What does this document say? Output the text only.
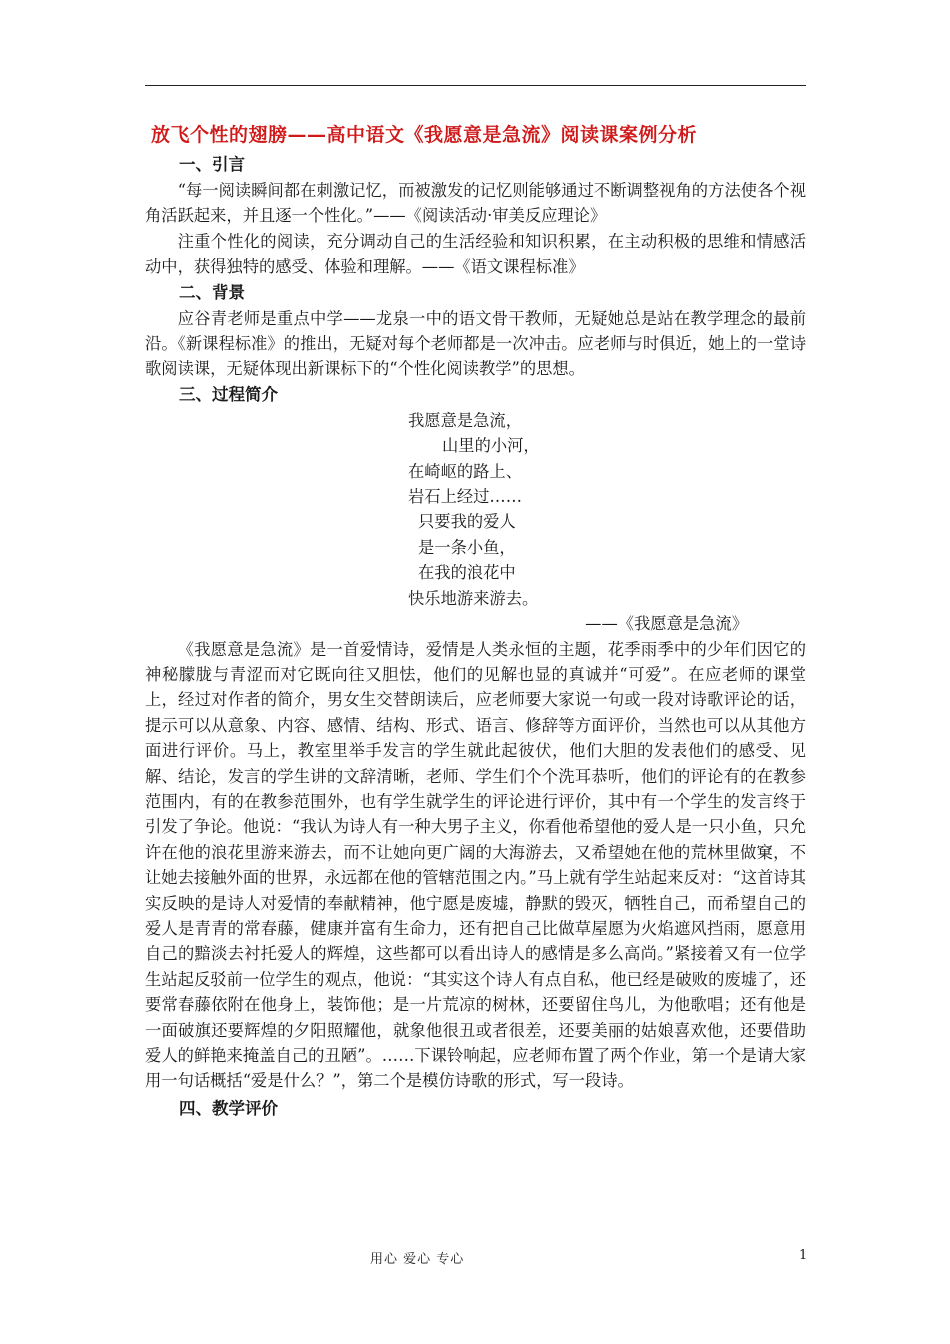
放飞个性的翅膀——高中语文《我愿意是急流》阅读课案例分析
一、引言

“每一阅读瞬间都在刺激记忆，而被激发的记忆则能够通过不断调整视角的方法使各个视角活跃起来，并且逐一个性化。”——《阅读活动·审美反应理论》

注重个性化的阅读，充分调动自己的生活经验和知识积累，在主动积极的思维和情感活动中，获得独特的感受、体验和理解。——《语文课程标准》

二、背景

应谷青老师是重点中学——龙泉一中的语文骨干教师，无疑她总是站在教学理念的最前沿。《新课程标准》的推出，无疑对每个老师都是一次冲击。应老师与时俱近，她上的一堂诗歌阅读课，无疑体现出新课标下的“个性化阅读教学”的思想。

三、过程简介
我愿意是急流，
山里的小河，
在崎岖的路上、
岩石上经过……
只要我的爱人
是一条小鱼，
在我的浪花中
快乐地游来游去。
——《我愿意是急流》

《我愿意是急流》是一首爱情诗，爱情是人类永恒的主题，花季雨季中的少年们因它的神秘朦胧与青涩而对它既向往又胆怯，他们的见解也显的真诚并“可爱”。在应老师的课堂上，经过对作者的简介，男女生交替朗读后，应老师要大家说一句或一段对诗歌评论的话，提示可以从意象、内容、感情、结构、形式、语言、修辞等方面评价，当然也可以从其他方面进行评价。马上，教室里举手发言的学生就此起彼伏，他们大胆的发表他们的感受、见解、结论，发言的学生讲的文辞清晰，老师、学生们个个洗耳恭听，他们的评论有的在教参范围内，有的在教参范围外，也有学生就学生的评论进行评价，其中有一个学生的发言终于引发了争论。他说：“我认为诗人有一种大男子主义，你看他希望他的爱人是一只小鱼，只允许在他的浪花里游来游去，而不让她向更广阔的大海游去，又希望她在他的荒林里做窠，不让她去接触外面的世界，永远都在他的管辖范围之内。”马上就有学生站起来反对：“这首诗其实反映的是诗人对爱情的奉献精神，他宁愿是废墟，静默的毁灭，牺牲自己，而希望自己的爱人是青青的常春藤，健康并富有生命力，还有把自己比做草屋愿为火焰遮风挡雨，愿意用自己的黯淡去衬托爱人的辉煌，这些都可以看出诗人的感情是多么高尚。”紧接着又有一位学生站起反驳前一位学生的观点，他说：“其实这个诗人有点自私，他已经是破败的废墟了，还要常春藤依附在他身上，装饰他；是一片荒凉的树林，还要留住鸟儿，为他歌唱；还有他是一面破旗还要辉煌的夕阳照耀他，就象他很丑或者很差，还要美丽的姑娘喜欢他，还要借助爱人的鲜艳来掩盖自己的丑陋”。……下课铃响起，应老师布置了两个作业，第一个是请大家用一句话概括“爱是什么？”，第二个是模仿诗歌的形式，写一段诗。

四、教学评价
用心 爱心 专心	1
